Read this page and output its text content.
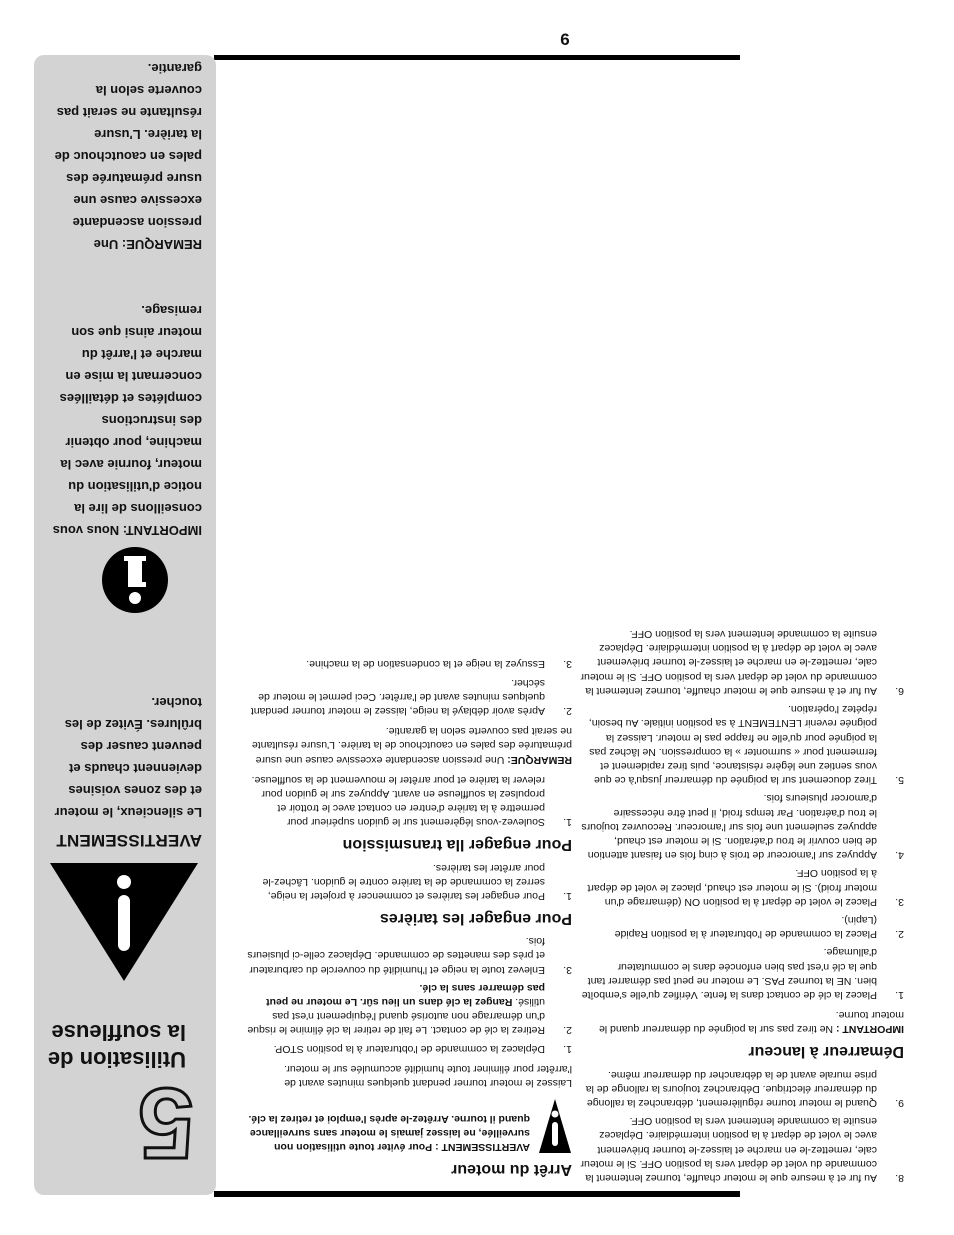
6
8.
Au fur et à mesure que le moteur chauffe, tournez lentement la commande du volet de départ vers la position OFF. Si le moteur cale, remettez-le en marche et laissez-le tourner brièvement avec le volet de départ à la position intermédiaire. Déplacez ensuite la commande lentement vers la position OFF.
9.
Quand le moteur tourne régulièrement, débranchez la rallonge du démarreur électrique. Débranchez toujours la rallonge de la prise murale avant de la débrancher du démarreur même.
Démarreur à lanceur

IMPORTANT : Ne tirez pas sur la poignée du démarreur quand le moteur tourne.

1.
Placez la clé de contact dans la fente. Vérifiez qu'elle s'emboîte bien. NE la tournez PAS. Le moteur ne peut pas démarrer tant que la clé n'est pas bien enfoncée dans le commutateur d'allumage.
2.
Placez la commande de l'obturateur à la position Rapide (Lapin).
3.
Placez le volet de départ à la position ON (démarrage d'un moteur froid). Si le moteur est chaud, placez le volet de départ à la position OFF.
4.
Appuyez sur l'amorceur de trois à cinq fois en faisant attention de bien couvrir le trou d'aération. Si le moteur est chaud, appuyez seulement une fois sur l'amorceur. Recouvrez toujours le trou d'aération. Par temps froid, il peut être nécessaire d'amorcer plusieurs fois.
5.
Tirez doucement sur la poignée du démarreur jusqu'à ce que vous sentiez une légère résistance, puis tirez rapidement et fermement pour « surmonter » la compression. Ne lâchez pas la poignée pour qu'elle ne frappe pas le moteur. Laissez la poignée revenir LENTEMENT à sa position initiale. Au besoin, répétez l'opération.
6.
Au fur et à mesure que le moteur chauffe, tournez lentement la commande du volet de départ vers la position OFF. Si le moteur cale, remettez-le en marche et laissez-le tourner brièvement avec le volet de départ à la position intermédiaire. Déplacez ensuite la commande lentement vers la position OFF.
Arrêt du moteur
AVERTISSEMENT : Pour éviter toute utilisation non surveillée, ne laissez jamais le moteur sans surveillance quand il tourne. Arrêtez-le après l'emploi et retirez la clé.

Laissez le moteur tourner pendant quelques minutes avant de l'arrêter pour éliminer toute humidité accumulée sur le moteur.

1.
Déplacez la commande de l'obturateur à la position STOP.
2.
Retirez la clé de contact. Le fait de retirer la clé élimine le risque d'un démarrage non autorisé quand l'équipement n'est pas utilisé. Rangez la clé dans un lieu sûr. Le moteur ne peut pas démarrer sans la clé.
3.
Enlevez toute la neige et l'humidité du couvercle du carburateur et près des manettes de commande. Déplacez celle-ci plusieurs fois.
Pour engager les tarières
1.
Pour engager les tarières et commencer à projeter la neige, serrez la commande de la tarière contre le guidon. Lâchez-le pour arrêter les tarières.
Pour engager lla transmission
1.
Soulevez-vous légèrement sur le guidon supérieur pour permettre à la tarière d'entrer en contact avec le trottoir et propulsez la souffleuse en avant. Appuyez sur le guidon pour relever la tarière et pour arrêter le mouvement de la souffleuse.

REMARQUE: Une pression ascendante excessive cause une usure prématurée des pales en caoutchouc de la tarière. L'usure résultante ne serait pas couverte selon la garantie.

2.
Après avoir déblayé la neige, laissez le moteur tourner pendant quelques minutes avant de l'arrêter. Ceci permet le moteur de sécher.
3.
Essuyez la neige et la condensation de la machine.
5
Utilisation de la souffleuse
AVERTISSEMENT
Le silencieux, le moteur et des zones voisines deviennent chauds et peuvent causer des brûlures. Évitez de les toucher.
IMPORTANT: Nous vous conseillons de lire la notice d'utilisation du moteur, fournie avec la machine, pour obtenir des instructions complétes et détaillées concernant la mise en marche et l'arrêt du moteur ainsi que son remisage.
REMARQUE: Une pression ascendante excessive cause une usure prématurée des pales en caoutchouc de la tarière. L'usure résultante ne serait pas couverte selon la garantie.
